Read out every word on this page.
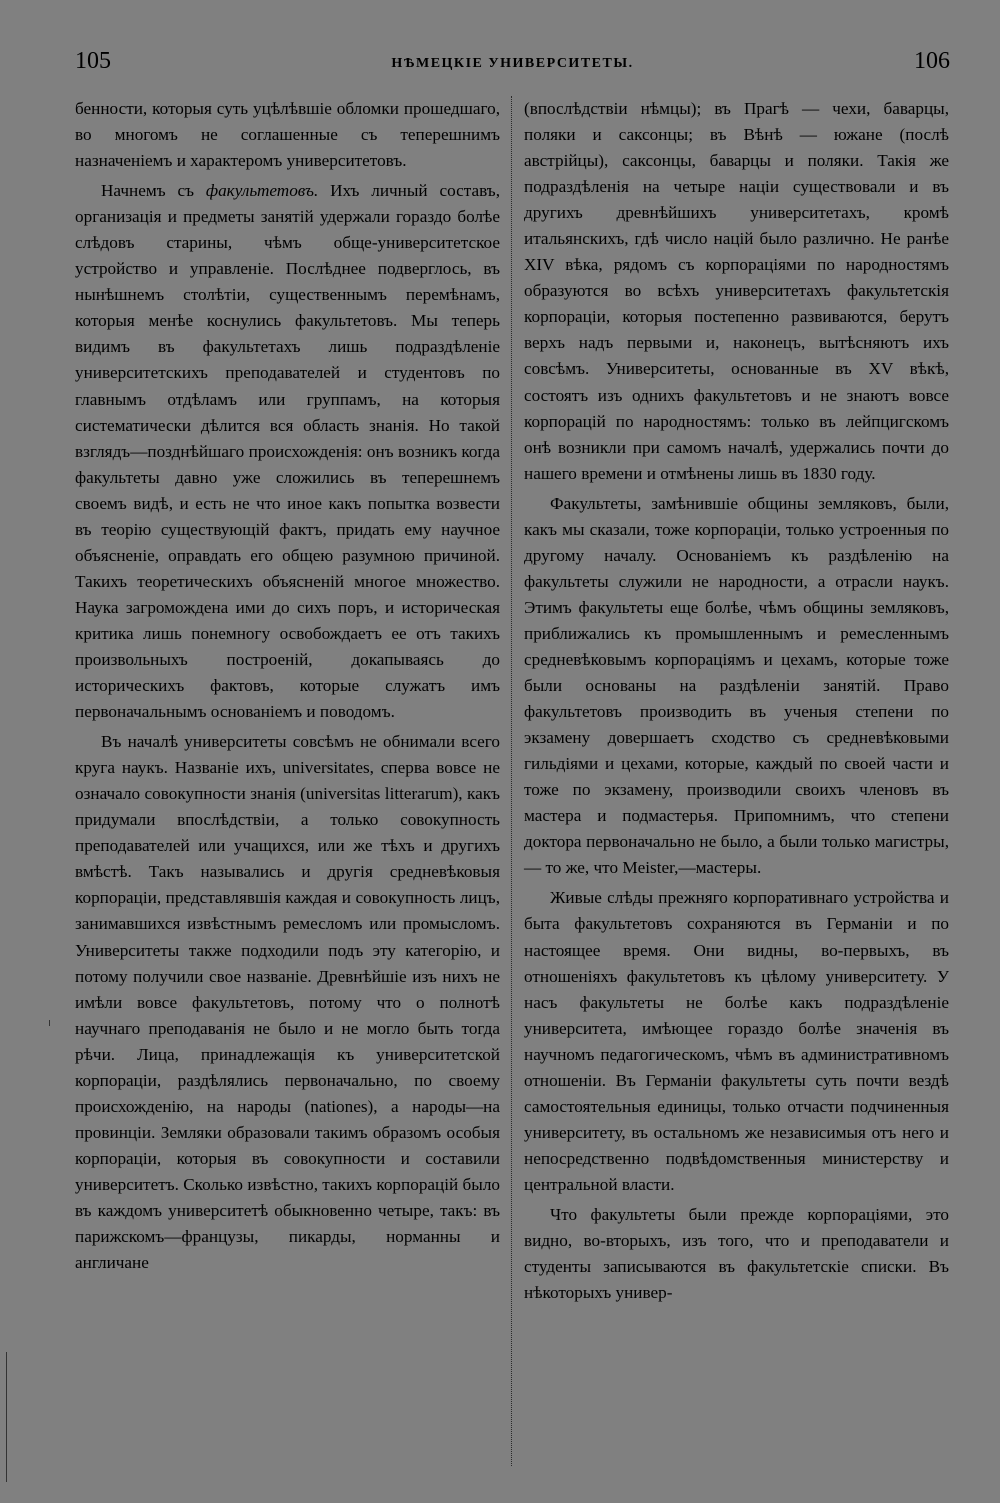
105	НѢМЕЦКІЕ УНИВЕРСИТЕТЫ.	106

бенности, которыя суть уцѣлѣвшіе обломки прошедшаго, во многомъ не соглашенные съ теперешнимъ назначеніемъ и характеромъ университетовъ.

Начнемъ съ факультетовъ. Ихъ личный составъ, организація и предметы занятій удержали гораздо болѣе слѣдовъ старины, чѣмъ обще-университетское устройство и управленіе. Послѣднее подверглось, въ нынѣшнемъ столѣтіи, существеннымъ перемѣнамъ, которыя менѣе коснулись факультетовъ. Мы теперь видимъ въ факультетахъ лишь подраздѣленіе университетскихъ преподавателей и студентовъ по главнымъ отдѣламъ или группамъ, на которыя систематически дѣлится вся область знанія. Но такой взглядъ—позднѣйшаго происхожденія: онъ возникъ когда факультеты давно уже сложились въ теперешнемъ своемъ видѣ, и есть не что иное какъ попытка возвести въ теорію существующій фактъ, придать ему научное объясненіе, оправдать его общею разумною причиной. Такихъ теоретическихъ объясненій многое множество. Наука загромождена ими до сихъ поръ, и историческая критика лишь понемногу освобождаетъ ее отъ такихъ произвольныхъ построеній, докапываясь до историческихъ фактовъ, которые служатъ имъ первоначальнымъ основаніемъ и поводомъ.

Въ началѣ университеты совсѣмъ не обнимали всего круга наукъ. Названіе ихъ, universitates, сперва вовсе не означало совокупности знанія (universitas litterarum), какъ придумали впослѣдствіи, а только совокупность преподавателей или учащихся, или же тѣхъ и другихъ вмѣстѣ. Такъ назывались и другія средневѣковыя корпораціи, представлявшія каждая и совокупность лицъ, занимавшихся извѣстнымъ ремесломъ или промысломъ. Университеты также подходили подъ эту категорію, и потому получили свое названіе. Древнѣйшіе изъ нихъ не имѣли вовсе факультетовъ, потому что о полнотѣ научнаго преподаванія не было и не могло быть тогда рѣчи. Лица, принадлежащія къ университетской корпораціи, раздѣлялись первоначально, по своему происхожденію, на народы (nationes), а народы—на провинціи. Земляки образовали такимъ образомъ особыя корпораціи, которыя въ совокупности и составили университетъ. Сколько извѣстно, такихъ корпорацій было въ каждомъ университетѣ обыкновенно четыре, такъ: въ парижскомъ—французы, пикарды, норманны и англичане

(впослѣдствіи нѣмцы); въ Прагѣ — чехи, баварцы, поляки и саксонцы; въ Вѣнѣ — южане (послѣ австрійцы), саксонцы, баварцы и поляки. Такія же подраздѣленія на четыре націи существовали и въ другихъ древнѣйшихъ университетахъ, кромѣ итальянскихъ, гдѣ число націй было различно. Не ранѣе XIV вѣка, рядомъ съ корпораціями по народностямъ образуются во всѣхъ университетахъ факультетскія корпораціи, которыя постепенно развиваются, берутъ верхъ надъ первыми и, наконецъ, вытѣсняютъ ихъ совсѣмъ. Университеты, основанные въ XV вѣкѣ, состоятъ изъ однихъ факультетовъ и не знаютъ вовсе корпорацій по народностямъ: только въ лейпцигскомъ онѣ возникли при самомъ началѣ, удержались почти до нашего времени и отмѣнены лишь въ 1830 году.

Факультеты, замѣнившіе общины земляковъ, были, какъ мы сказали, тоже корпораціи, только устроенныя по другому началу. Основаніемъ къ раздѣленію на факультеты служили не народности, а отрасли наукъ. Этимъ факультеты еще болѣе, чѣмъ общины земляковъ, приближались къ промышленнымъ и ремесленнымъ средневѣковымъ корпораціямъ и цехамъ, которые тоже были основаны на раздѣленіи занятій. Право факультетовъ производить въ ученыя степени по экзамену довершаетъ сходство съ средневѣковыми гильдіями и цехами, которые, каждый по своей части и тоже по экзамену, производили своихъ членовъ въ мастера и подмастерья. Припомнимъ, что степени доктора первоначально не было, а были только магистры, — то же, что Meister,—мастеры.

Живые слѣды прежняго корпоративнаго устройства и быта факультетовъ сохраняются въ Германіи и по настоящее время. Они видны, во-первыхъ, въ отношеніяхъ факультетовъ къ цѣлому университету. У насъ факультеты не болѣе какъ подраздѣленіе университета, имѣющее гораздо болѣе значенія въ научномъ педагогическомъ, чѣмъ въ административномъ отношеніи. Въ Германіи факультеты суть почти вездѣ самостоятельныя единицы, только отчасти подчиненныя университету, въ остальномъ же независимыя отъ него и непосредственно подвѣдомственныя министерству и центральной власти.

Что факультеты были прежде корпораціями, это видно, во-вторыхъ, изъ того, что и преподаватели и студенты записываются въ факультетскіе списки. Въ нѣкоторыхъ универ-
